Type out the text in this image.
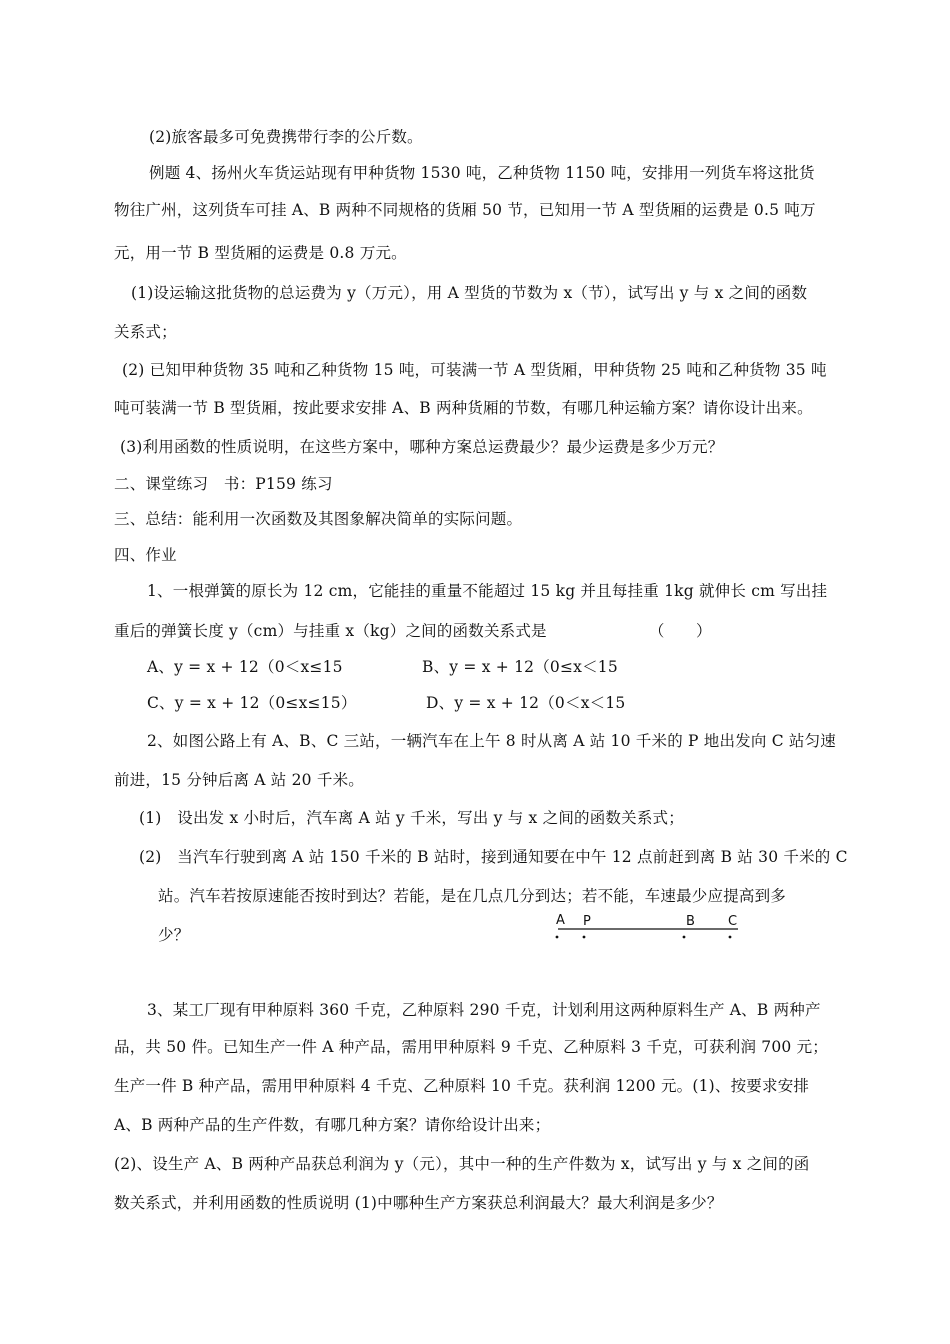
(2)旅客最多可免费携带行李的公斤数。
例题 4、扬州火车货运站现有甲种货物 1530 吨，乙种货物 1150 吨，安排用一列货车将这批货
物往广州，这列货车可挂 A、B 两种不同规格的货厢 50 节，已知用一节 A 型货厢的运费是 0.5 吨万
元，用一节 B 型货厢的运费是 0.8 万元。
(1)设运输这批货物的总运费为 y（万元），用 A 型货的节数为 x（节），试写出 y 与 x 之间的函数
关系式；
(2) 已知甲种货物 35 吨和乙种货物 15 吨，可装满一节 A 型货厢，甲种货物 25 吨和乙种货物 35 吨
吨可装满一节 B 型货厢，按此要求安排 A、B 两种货厢的节数，有哪几种运输方案？请你设计出来。
(3)利用函数的性质说明，在这些方案中，哪种方案总运费最少？最少运费是多少万元？
二、课堂练习　书：P159 练习
三、总结：能利用一次函数及其图象解决简单的实际问题。
四、作业
1、一根弹簧的原长为 12 cm，它能挂的重量不能超过 15 kg 并且每挂重 1kg 就伸长 cm 写出挂
重后的弹簧长度 y（cm）与挂重 x（kg）之间的函数关系式是　　　　　　　（　　）
A、y = x + 12（0＜x≤15	B、y = x + 12（0≤x＜15
C、y = x + 12（0≤x≤15）	D、y = x + 12（0＜x＜15
2、如图公路上有 A、B、C 三站，一辆汽车在上午 8 时从离 A 站 10 千米的 P 地出发向 C 站匀速
前进，15 分钟后离 A 站 20 千米。
(1)　设出发 x 小时后，汽车离 A 站 y 千米，写出 y 与 x 之间的函数关系式；
(2)　当汽车行驶到离 A 站 150 千米的 B 站时，接到通知要在中午 12 点前赶到离 B 站 30 千米的 C
站。汽车若按原速能否按时到达？若能，是在几点几分到达；若不能，车速最少应提高到多
少？
A P	B	C
3、某工厂现有甲种原料 360 千克，乙种原料 290 千克，计划利用这两种原料生产 A、B 两种产
品，共 50 件。已知生产一件 A 种产品，需用甲种原料 9 千克、乙种原料 3 千克，可获利润 700 元；
生产一件 B 种产品，需用甲种原料 4 千克、乙种原料 10 千克。获利润 1200 元。(1)、按要求安排
A、B 两种产品的生产件数，有哪几种方案？请你给设计出来；
(2)、设生产 A、B 两种产品获总利润为 y（元），其中一种的生产件数为 x，试写出 y 与 x 之间的函
数关系式，并利用函数的性质说明 (1)中哪种生产方案获总利润最大？最大利润是多少？
